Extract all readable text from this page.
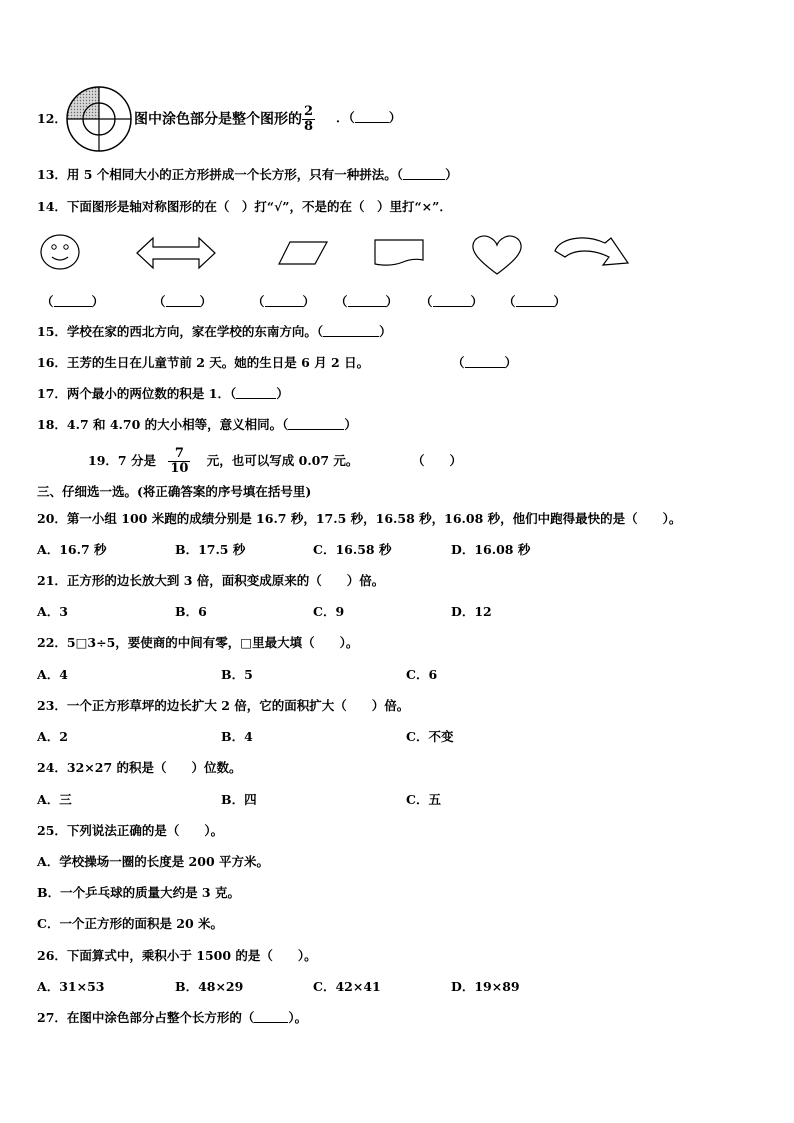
12．	图中涂色部分是整个图形的 $\frac{2}{8}$ ．（	）
13．用 5 个相同大小的正方形拼成一个长方形，只有一种拼法。（	）
14．下面图形是轴对称图形的在（　）打“√”，不是的在（　）里打“×”．
（	）	（	）	（	） （	） （	） （	）
15．学校在家的西北方向，家在学校的东南方向。（	）
16．王芳的生日在儿童节前 2 天。她的生日是 6 月 2 日。	（	）
17．两个最小的两位数的积是 1．（	）
18．4.7 和 4.70 的大小相等，意义相同。（	）
19．7 分是 $\frac{7}{10}$ 元，也可以写成 0.07 元。	（　　）
三、仔细选一选。(将正确答案的序号填在括号里)
20．第一小组 100 米跑的成绩分别是 16.7 秒，17.5 秒，16.58 秒，16.08 秒，他们中跑得最快的是（　　）。
A．16.7 秒	B．17.5 秒	C．16.58 秒	D．16.08 秒
21．正方形的边长放大到 3 倍，面积变成原来的（　　）倍。
A．3	B．6	C．9	D．12
22．5□3÷5，要使商的中间有零，□里最大填（　　）。
A．4	B．5	C．6
23．一个正方形草坪的边长扩大 2 倍，它的面积扩大（　　）倍。
A．2	B．4	C．不变
24．32×27 的积是（　　）位数。
A．三	B．四	C．五
25．下列说法正确的是（　　）。
A．学校操场一圈的长度是 200 平方米。
B．一个乒乓球的质量大约是 3 克。
C．一个正方形的面积是 20 米。
26．下面算式中，乘积小于 1500 的是（　　）。
A．31×53	B．48×29	C．42×41	D．19×89
27．在图中涂色部分占整个长方形的（	）。
